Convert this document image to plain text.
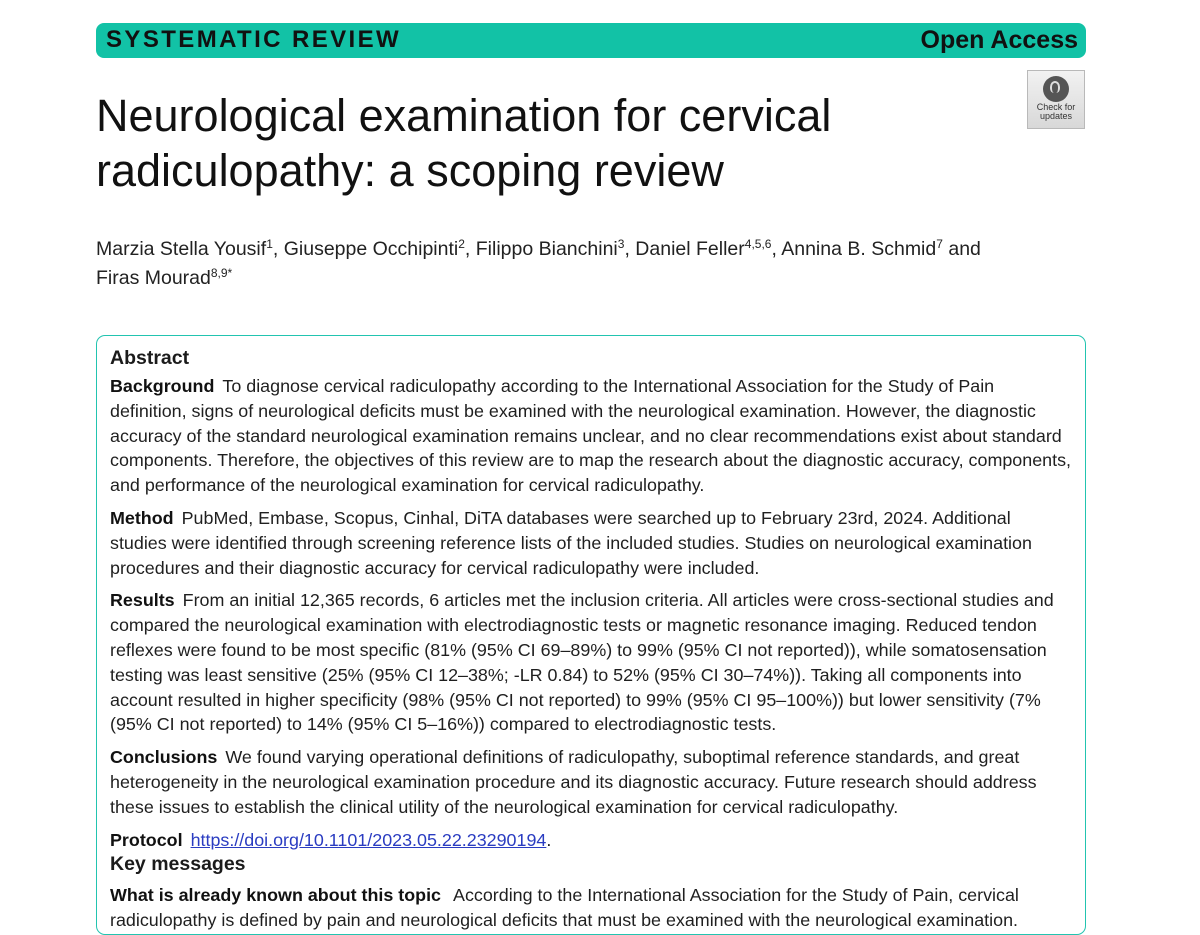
SYSTEMATIC REVIEW	Open Access
Check for
updates
Neurological examination for cervical radiculopathy: a scoping review

Marzia Stella Yousif$^1$, Giuseppe Occhipinti$^2$, Filippo Bianchini$^3$, Daniel Feller$^{4,5,6}$, Annina B. Schmid$^7$ and Firas Mourad$^{8,9*}$

Abstract

Background To diagnose cervical radiculopathy according to the International Association for the Study of Pain definition, signs of neurological deficits must be examined with the neurological examination. However, the diagnostic accuracy of the standard neurological examination remains unclear, and no clear recommendations exist about standard components. Therefore, the objectives of this review are to map the research about the diagnostic accuracy, components, and performance of the neurological examination for cervical radiculopathy.

Method PubMed, Embase, Scopus, Cinhal, DiTA databases were searched up to February 23rd, 2024. Additional studies were identified through screening reference lists of the included studies. Studies on neurological examination procedures and their diagnostic accuracy for cervical radiculopathy were included.

Results From an initial 12,365 records, 6 articles met the inclusion criteria. All articles were cross-sectional studies and compared the neurological examination with electrodiagnostic tests or magnetic resonance imaging. Reduced tendon reflexes were found to be most specific (81% (95% CI 69–89%) to 99% (95% CI not reported)), while somatosensation testing was least sensitive (25% (95% CI 12–38%; -LR 0.84) to 52% (95% CI 30–74%)). Taking all components into account resulted in higher specificity (98% (95% CI not reported) to 99% (95% CI 95–100%)) but lower sensitivity (7% (95% CI not reported) to 14% (95% CI 5–16%)) compared to electrodiagnostic tests.

Conclusions We found varying operational definitions of radiculopathy, suboptimal reference standards, and great heterogeneity in the neurological examination procedure and its diagnostic accuracy. Future research should address these issues to establish the clinical utility of the neurological examination for cervical radiculopathy.

Protocol https://doi.org/10.1101/2023.05.22.23290194.

Key messages

What is already known about this topic According to the International Association for the Study of Pain, cervical radiculopathy is defined by pain and neurological deficits that must be examined with the neurological examination.
